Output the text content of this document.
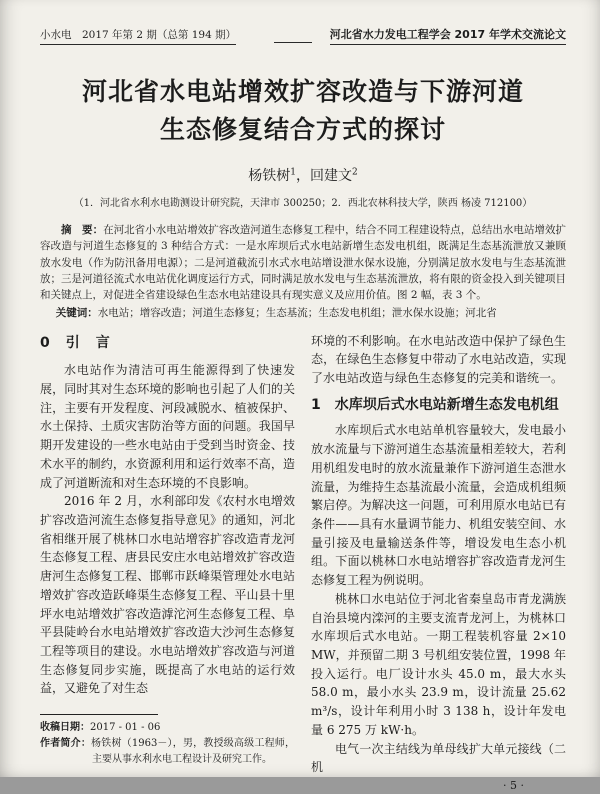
小水电　2017 年第 2 期（总第 194 期）	河北省水力发电工程学会 2017 年学术交流论文
河北省水电站增效扩容改造与下游河道
生态修复结合方式的探讨
杨铁树$^1$，回建文$^2$
（1．河北省水利水电勘测设计研究院，天津市 300250；2．西北农林科技大学，陕西 杨凌 712100）

摘　要：在河北省小水电站增效扩容改造河道生态修复工程中，结合不同工程建设特点，总结出水电站增效扩容改造与河道生态修复的 3 种结合方式：一是水库坝后式水电站新增生态发电机组，既满足生态基流泄放又兼顾放水发电（作为防汛备用电源）；二是河道截流引水式水电站增设泄水保水设施，分别满足放水发电与生态基流泄放；三是河道径流式水电站优化调度运行方式，同时满足放水发电与生态基流泄放，将有限的资金投入到关键项目和关键点上，对促进全省建设绿色生态水电站建设具有现实意义及应用价值。图 2 幅，表 3 个。

关键词：水电站；增容改造；河道生态修复；生态基流；生态发电机组；泄水保水设施；河北省

0　引　言

水电站作为清洁可再生能源得到了快速发展，同时其对生态环境的影响也引起了人们的关注，主要有开发程度、河段减脱水、植被保护、水土保持、土质灾害防治等方面的问题。我国早期开发建设的一些水电站由于受到当时资金、技术水平的制约，水资源利用和运行效率不高，造成了河道断流和对生态环境的不良影响。

2016 年 2 月，水利部印发《农村水电增效扩容改造河流生态修复指导意见》的通知，河北省相继开展了桃林口水电站增容扩容改造青龙河生态修复工程、唐县民安庄水电站增效扩容改造唐河生态修复工程、邯郸市跃峰渠管理处水电站增效扩容改造跃峰渠生态修复工程、平山县十里坪水电站增效扩容改造滹沱河生态修复工程、阜平县陡岭台水电站增效扩容改造大沙河生态修复工程等项目的建设。水电站增效扩容改造与河道生态修复同步实施，既提高了水电站的运行效益，又避免了对生态

收稿日期：2017 - 01 - 06

作者简介：杨铁树（1963－），男，教授级高级工程师，主要从事水利水电工程设计及研究工作。

环境的不利影响。在水电站改造中保护了绿色生态，在绿色生态修复中带动了水电站改造，实现了水电站改造与绿色生态修复的完美和谐统一。

1　水库坝后式水电站新增生态发电机组

水库坝后式水电站单机容量较大，发电最小放水流量与下游河道生态基流量相差较大，若利用机组发电时的放水流量兼作下游河道生态泄水流量，为维持生态基流最小流量，会造成机组频繁启停。为解决这一问题，可利用原水电站已有条件——具有水量调节能力、机组安装空间、水量引接及电量输送条件等，增设发电生态小机组。下面以桃林口水电站增容扩容改造青龙河生态修复工程为例说明。

桃林口水电站位于河北省秦皇岛市青龙满族自治县境内滦河的主要支流青龙河上，为桃林口水库坝后式水电站。一期工程装机容量 2×10 MW，并预留二期 3 号机组安装位置，1998 年投入运行。电厂设计水头 45.0 m，最大水头 58.0 m，最小水头 23.9 m，设计流量 25.62 m³/s，设计年利用小时 3 138 h，设计年发电量 6 275 万 kW·h。

电气一次主结线为单母线扩大单元接线（二机

· 5 ·
